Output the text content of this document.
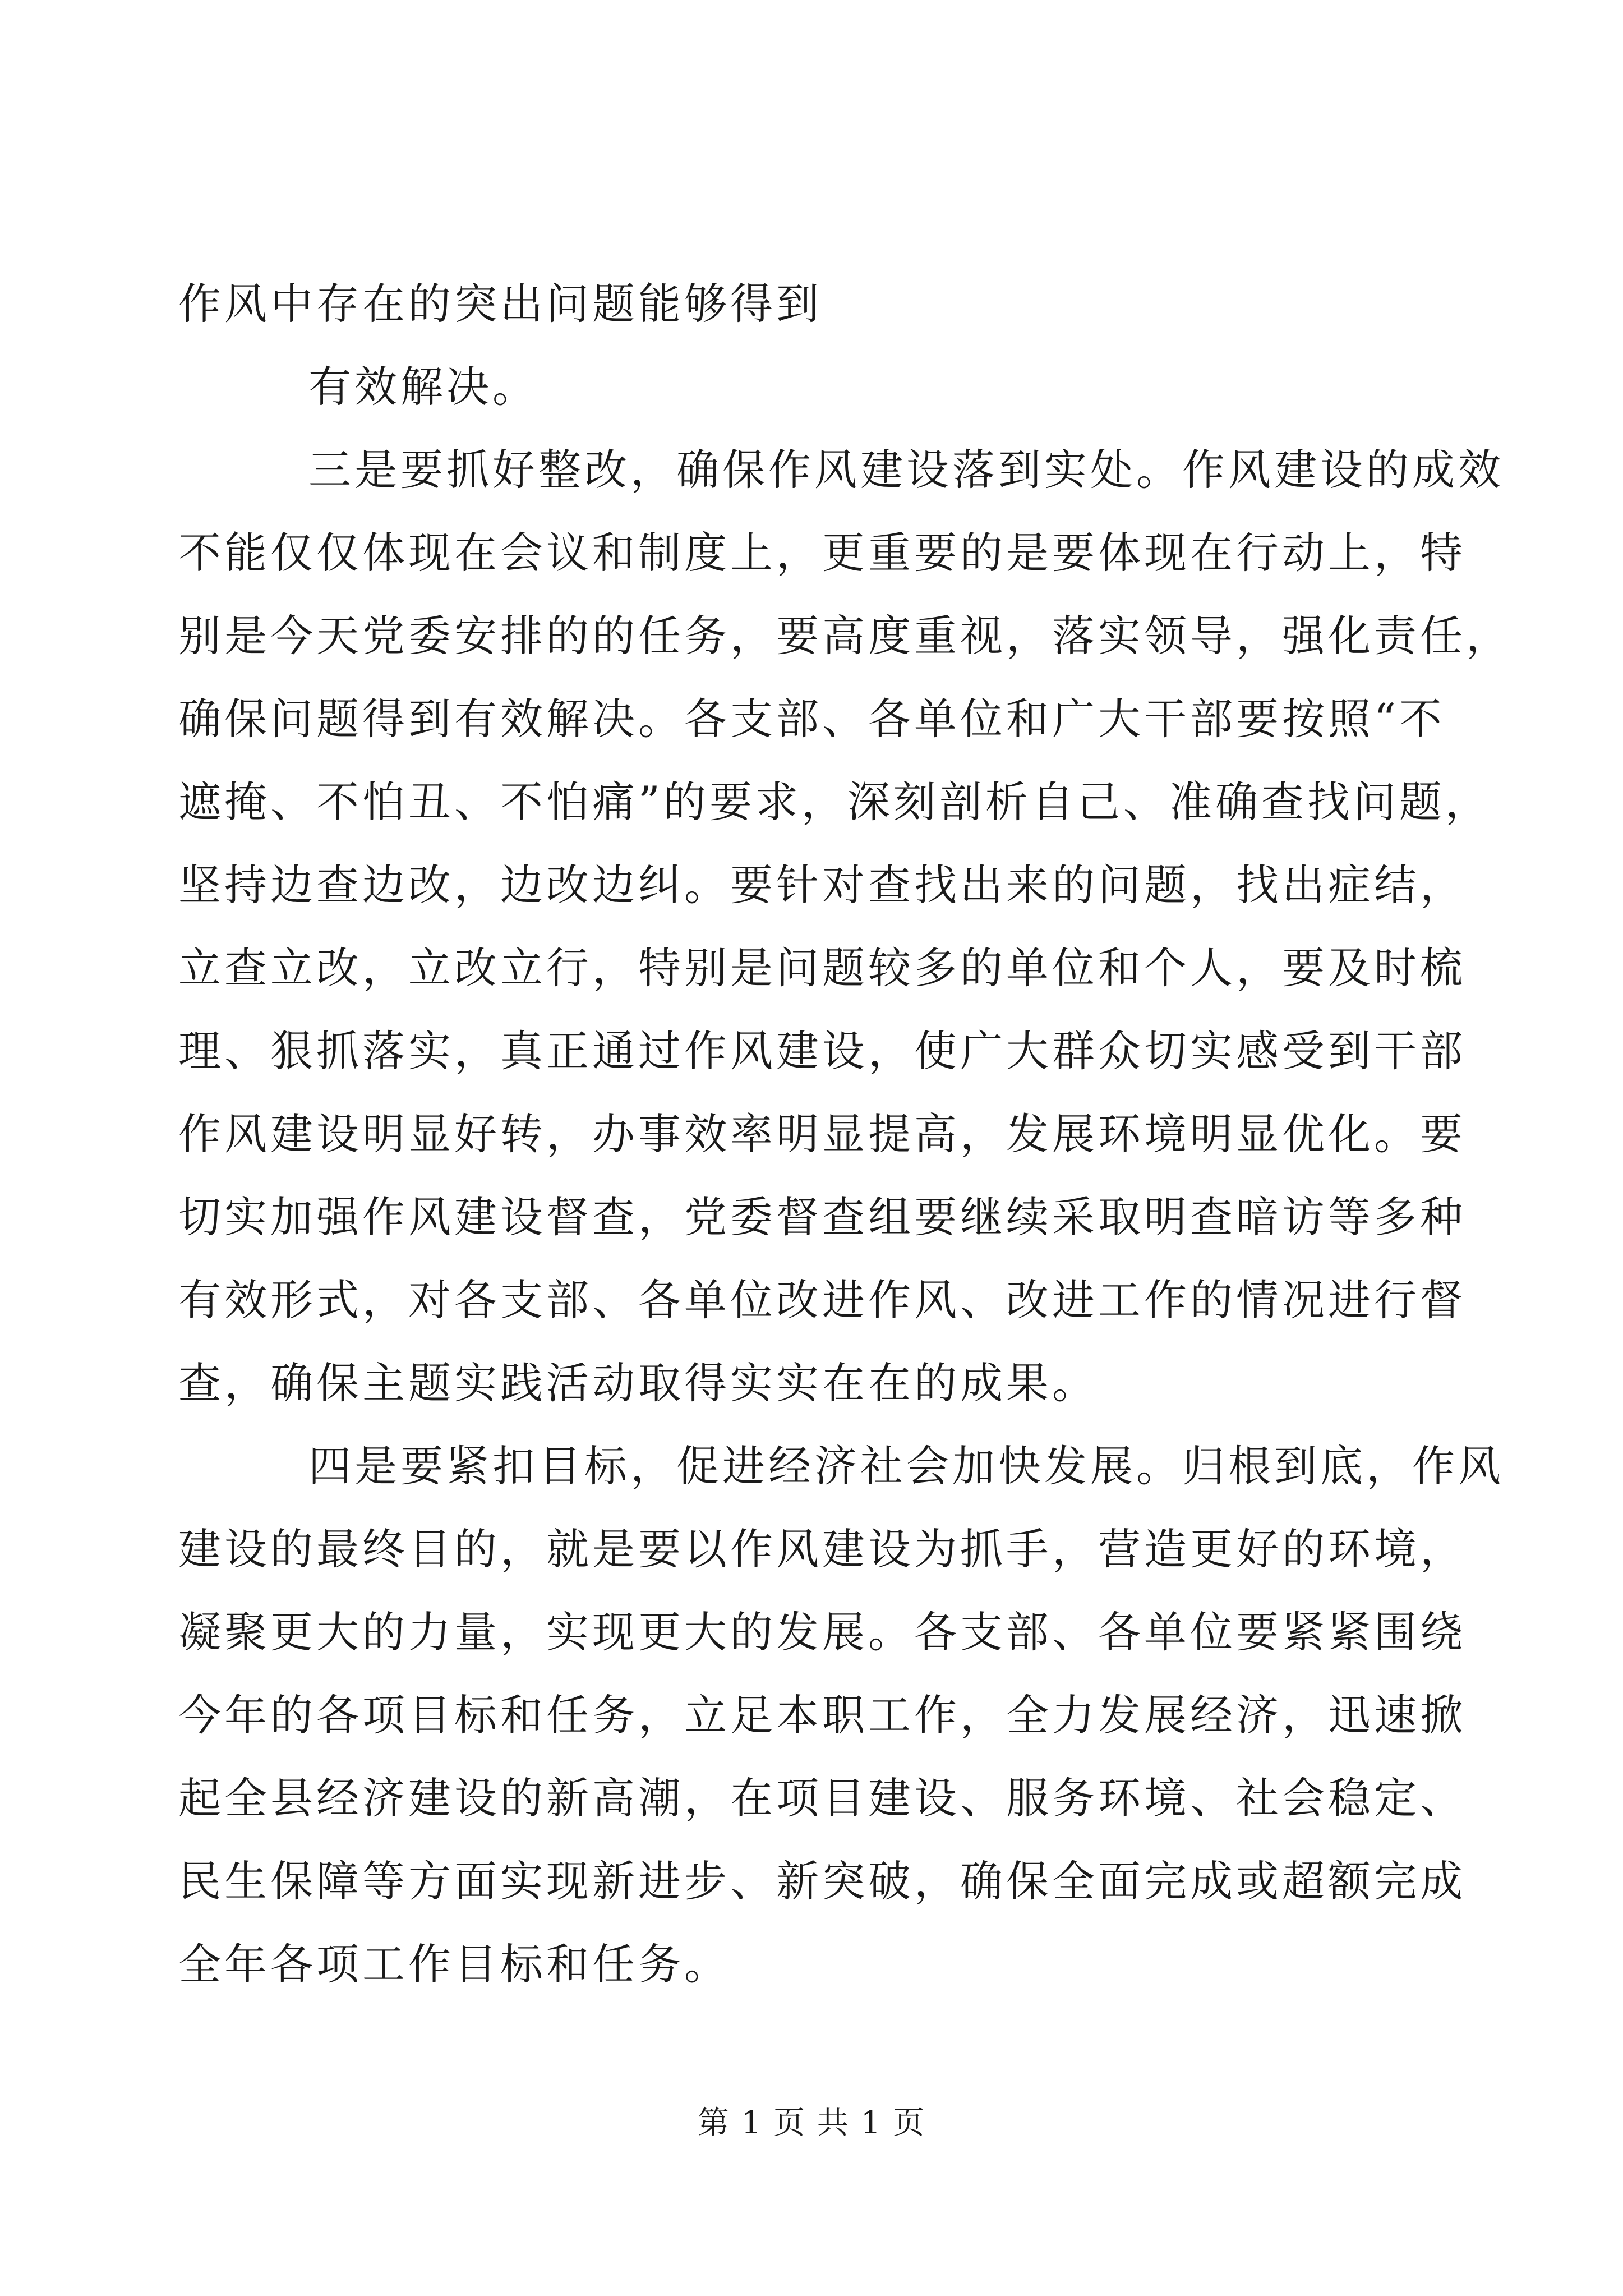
作风中存在的突出问题能够得到
有效解决。
三是要抓好整改，确保作风建设落到实处。作风建设的成效
不能仅仅体现在会议和制度上，更重要的是要体现在行动上，特
别是今天党委安排的的任务，要高度重视，落实领导，强化责任，
确保问题得到有效解决。各支部、各单位和广大干部要按照“不
遮掩、不怕丑、不怕痛”的要求，深刻剖析自己、准确查找问题，
坚持边查边改，边改边纠。要针对查找出来的问题，找出症结，
立查立改，立改立行，特别是问题较多的单位和个人，要及时梳
理、狠抓落实，真正通过作风建设，使广大群众切实感受到干部
作风建设明显好转，办事效率明显提高，发展环境明显优化。要
切实加强作风建设督查，党委督查组要继续采取明查暗访等多种
有效形式，对各支部、各单位改进作风、改进工作的情况进行督
查，确保主题实践活动取得实实在在的成果。
四是要紧扣目标，促进经济社会加快发展。归根到底，作风
建设的最终目的，就是要以作风建设为抓手，营造更好的环境，
凝聚更大的力量，实现更大的发展。各支部、各单位要紧紧围绕
今年的各项目标和任务，立足本职工作，全力发展经济，迅速掀
起全县经济建设的新高潮，在项目建设、服务环境、社会稳定、
民生保障等方面实现新进步、新突破，确保全面完成或超额完成
全年各项工作目标和任务。
第 1 页 共 1 页
